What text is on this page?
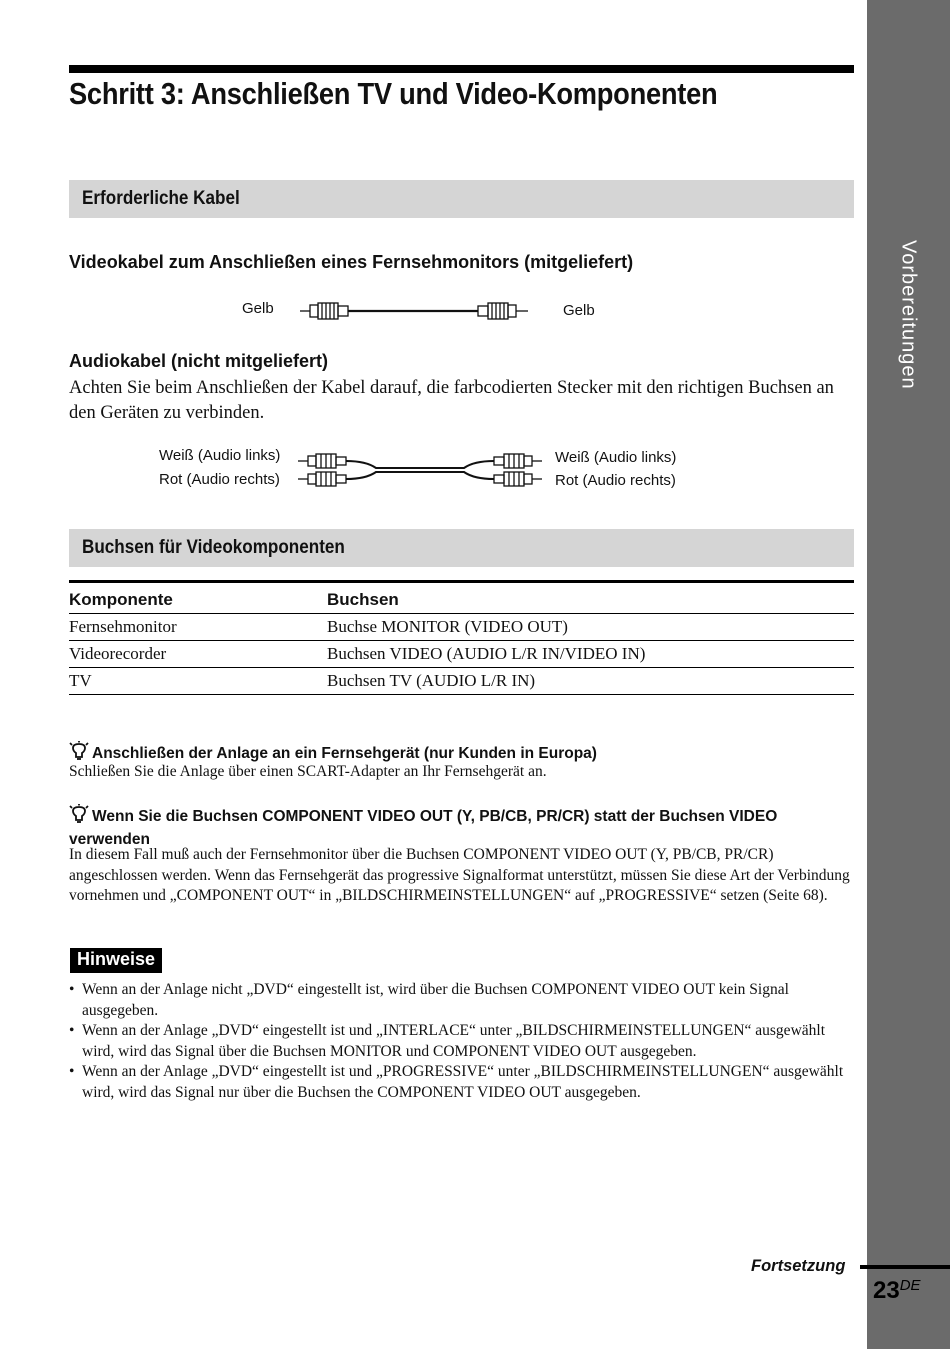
Vorbereitungen
Schritt 3: Anschließen TV und Video-Komponenten
Erforderliche Kabel
Videokabel zum Anschließen eines Fernsehmonitors (mitgeliefert)
Gelb	Gelb
Audiokabel (nicht mitgeliefert)

Achten Sie beim Anschließen der Kabel darauf, die farbcodierten Stecker mit den richtigen Buchsen an den Geräten zu verbinden.

Weiß (Audio links)
Rot (Audio rechts)
Weiß (Audio links)
Rot (Audio rechts)
Buchsen für Videokomponenten
Komponente	Buchsen
Fernsehmonitor	Buchse MONITOR (VIDEO OUT)
Videorecorder	Buchsen VIDEO (AUDIO L/R IN/VIDEO IN)
TV	Buchsen TV (AUDIO L/R IN)

Anschließen der Anlage an ein Fernsehgerät (nur Kunden in Europa)

Schließen Sie die Anlage über einen SCART-Adapter an Ihr Fernsehgerät an.

Wenn Sie die Buchsen COMPONENT VIDEO OUT (Y, PB/CB, PR/CR) statt der Buchsen VIDEO verwenden

In diesem Fall muß auch der Fernsehmonitor über die Buchsen COMPONENT VIDEO OUT (Y, PB/CB, PR/CR) angeschlossen werden. Wenn das Fernsehgerät das progressive Signalformat unterstützt, müssen Sie diese Art der Verbindung vornehmen und „COMPONENT OUT“ in „BILDSCHIRMEINSTELLUNGEN“ auf „PROGRESSIVE“ setzen (Seite 68).

Hinweise
• Wenn an der Anlage nicht „DVD“ eingestellt ist, wird über die Buchsen COMPONENT VIDEO OUT kein Signal ausgegeben.
• Wenn an der Anlage „DVD“ eingestellt ist und „INTERLACE“ unter „BILDSCHIRMEINSTELLUNGEN“ ausgewählt wird, wird das Signal über die Buchsen MONITOR und COMPONENT VIDEO OUT ausgegeben.
• Wenn an der Anlage „DVD“ eingestellt ist und „PROGRESSIVE“ unter „BILDSCHIRMEINSTELLUNGEN“ ausgewählt wird, wird das Signal nur über die Buchsen the COMPONENT VIDEO OUT ausgegeben.
Fortsetzung
23DE
